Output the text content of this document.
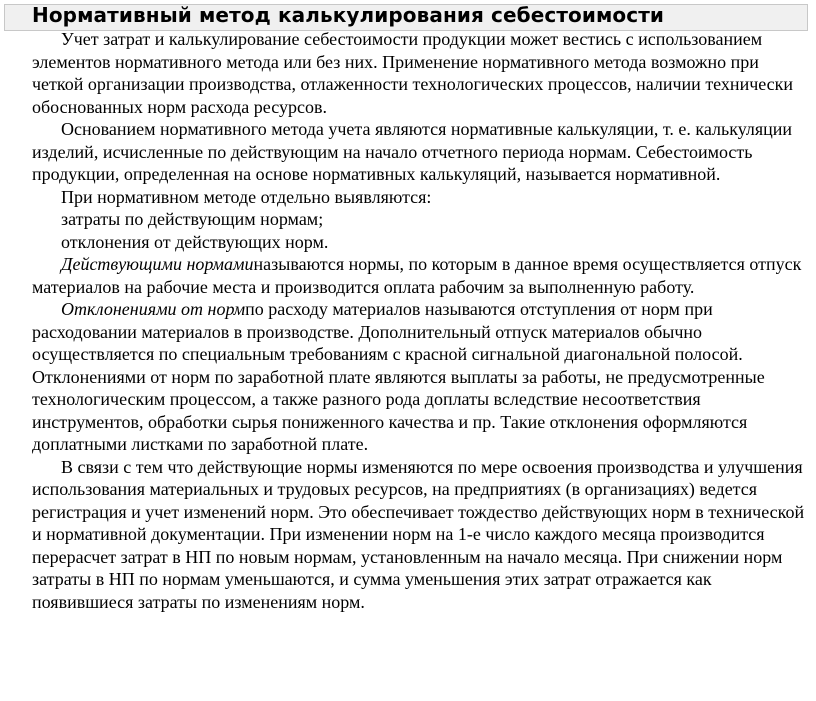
Нормативный метод калькулирования себестоимости

Учет затрат и калькулирование себестоимости продукции может вестись с использованием элементов нормативного метода или без них. Применение нормативного метода возможно при четкой организации производства, отлаженности технологических процессов, наличии технически обоснованных норм расхода ресурсов.

Основанием нормативного метода учета являются нормативные калькуляции, т. е. калькуляции изделий, исчисленные по действующим на начало отчетного периода нормам. Себестоимость продукции, определенная на основе нормативных калькуляций, называется нормативной.

При нормативном методе отдельно выявляются:

затраты по действующим нормам;

отклонения от действующих норм.

Действующими нормаминазываются нормы, по которым в данное время осуществляется отпуск материалов на рабочие места и производится оплата рабочим за выполненную работу.

Отклонениями от нормпо расходу материалов называются отступления от норм при расходовании материалов в производстве. Дополнительный отпуск материалов обычно осуществляется по специальным требованиям с красной сигнальной диагональной полосой. Отклонениями от норм по заработной плате являются выплаты за работы, не предусмотренные технологическим процессом, а также разного рода доплаты вследствие несоответствия инструментов, обработки сырья пониженного качества и пр. Такие отклонения оформляются доплатными листками по заработной плате.

В связи с тем что действующие нормы изменяются по мере освоения производства и улучшения использования материальных и трудовых ресурсов, на предприятиях (в организациях) ведется регистрация и учет изменений норм. Это обеспечивает тождество действующих норм в технической и нормативной документации. При изменении норм на 1-е число каждого месяца производится перерасчет затрат в НП по новым нормам, установленным на начало месяца. При снижении норм затраты в НП по нормам уменьшаются, и сумма уменьшения этих затрат отражается как появившиеся затраты по изменениям норм.
